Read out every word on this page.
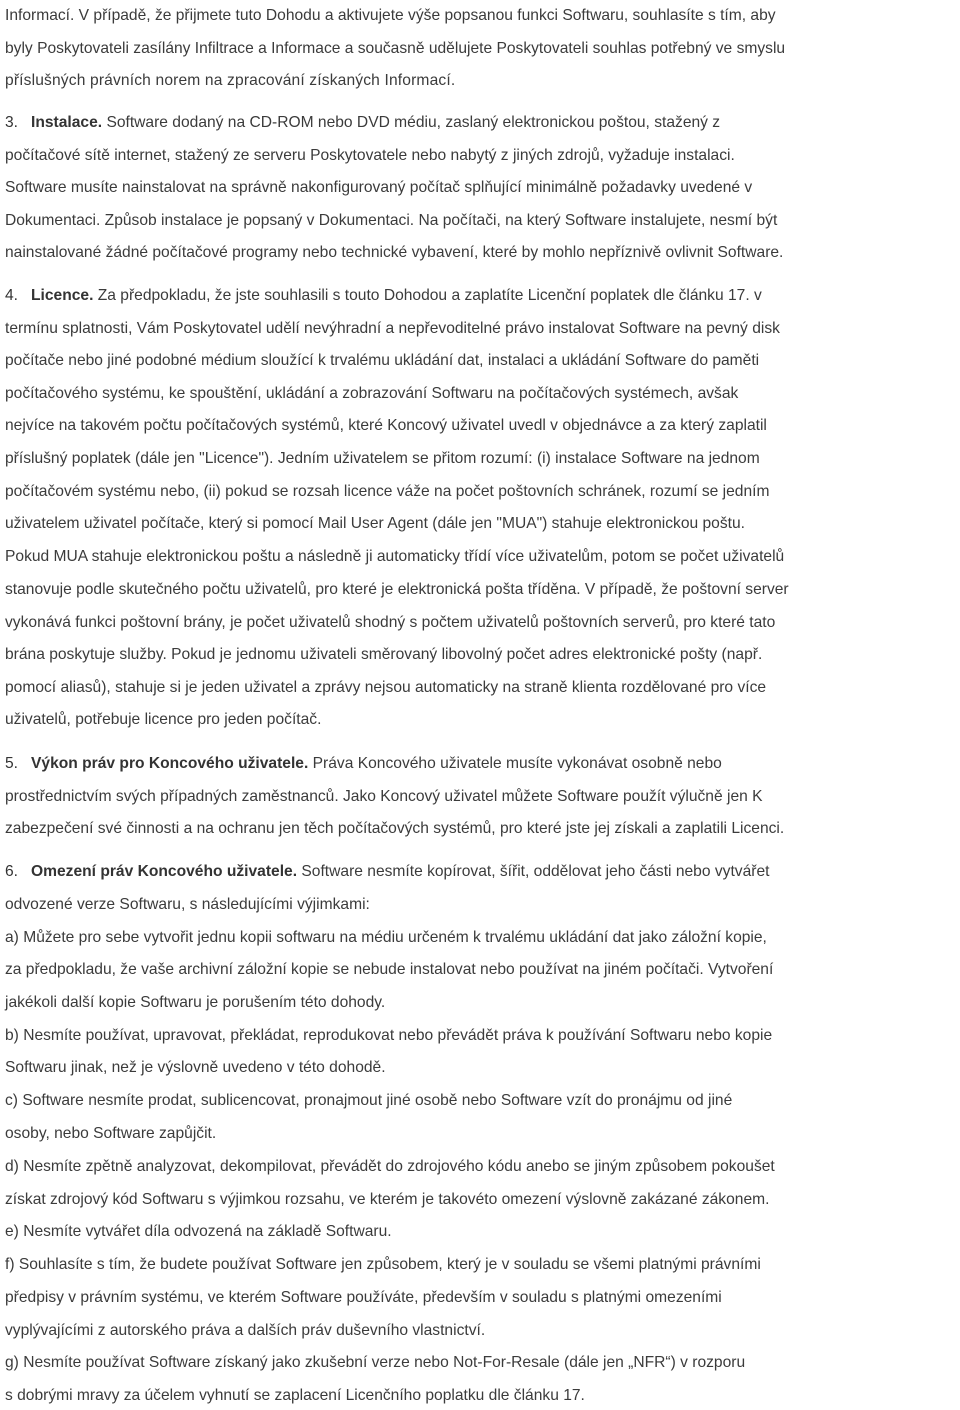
Informací. V případě, že přijmete tuto Dohodu a aktivujete výše popsanou funkci Softwaru, souhlasíte s tím, aby
byly Poskytovateli zasílány Infiltrace a Informace a současně udělujete Poskytovateli souhlas potřebný ve smyslu
příslušných právních norem na zpracování získaných Informací.
3. Instalace. Software dodaný na CD-ROM nebo DVD médiu, zaslaný elektronickou poštou, stažený z
počítačové sítě internet, stažený ze serveru Poskytovatele nebo nabytý z jiných zdrojů, vyžaduje instalaci.
Software musíte nainstalovat na správně nakonfigurovaný počítač splňující minimálně požadavky uvedené v
Dokumentaci. Způsob instalace je popsaný v Dokumentaci. Na počítači, na který Software instalujete, nesmí být
nainstalované žádné počítačové programy nebo technické vybavení, které by mohlo nepříznivě ovlivnit Software.
4. Licence. Za předpokladu, že jste souhlasili s touto Dohodou a zaplatíte Licenční poplatek dle článku 17. v
termínu splatnosti, Vám Poskytovatel udělí nevýhradní a nepřevoditelné právo instalovat Software na pevný disk
počítače nebo jiné podobné médium sloužící k trvalému ukládání dat, instalaci a ukládání Software do paměti
počítačového systému, ke spouštění, ukládání a zobrazování Softwaru na počítačových systémech, avšak
nejvíce na takovém počtu počítačových systémů, které Koncový uživatel uvedl v objednávce a za který zaplatil
příslušný poplatek (dále jen "Licence"). Jedním uživatelem se přitom rozumí: (i) instalace Software na jednom
počítačovém systému nebo, (ii) pokud se rozsah licence váže na počet poštovních schránek, rozumí se jedním
uživatelem uživatel počítače, který si pomocí Mail User Agent (dále jen "MUA") stahuje elektronickou poštu.
Pokud MUA stahuje elektronickou poštu a následně ji automaticky třídí více uživatelům, potom se počet uživatelů
stanovuje podle skutečného počtu uživatelů, pro které je elektronická pošta tříděna. V případě, že poštovní server
vykonává funkci poštovní brány, je počet uživatelů shodný s počtem uživatelů poštovních serverů, pro které tato
brána poskytuje služby. Pokud je jednomu uživateli směrovaný libovolný počet adres elektronické pošty (např.
pomocí aliasů), stahuje si je jeden uživatel a zprávy nejsou automaticky na straně klienta rozdělované pro více
uživatelů, potřebuje licence pro jeden počítač.
5. Výkon práv pro Koncového uživatele. Práva Koncového uživatele musíte vykonávat osobně nebo
prostřednictvím svých případných zaměstnanců. Jako Koncový uživatel můžete Software použít výlučně jen K
zabezpečení své činnosti a na ochranu jen těch počítačových systémů, pro které jste jej získali a zaplatili Licenci.
6. Omezení práv Koncového uživatele. Software nesmíte kopírovat, šířit, oddělovat jeho části nebo vytvářet
odvozené verze Softwaru, s následujícími výjimkami:
a) Můžete pro sebe vytvořit jednu kopii softwaru na médiu určeném k trvalému ukládání dat jako záložní kopie,
za předpokladu, že vaše archivní záložní kopie se nebude instalovat nebo používat na jiném počítači. Vytvoření
jakékoli další kopie Softwaru je porušením této dohody.
b) Nesmíte používat, upravovat, překládat, reprodukovat nebo převádět práva k používání Softwaru nebo kopie
Softwaru jinak, než je výslovně uvedeno v této dohodě.
c) Software nesmíte prodat, sublicencovat, pronajmout jiné osobě nebo Software vzít do pronájmu od jiné
osoby, nebo Software zapůjčit.
d) Nesmíte zpětně analyzovat, dekompilovat, převádět do zdrojového kódu anebo se jiným způsobem pokoušet
získat zdrojový kód Softwaru s výjimkou rozsahu, ve kterém je takovéto omezení výslovně zakázané zákonem.
e) Nesmíte vytvářet díla odvozená na základě Softwaru.
f) Souhlasíte s tím, že budete používat Software jen způsobem, který je v souladu se všemi platnými právními
předpisy v právním systému, ve kterém Software používáte, především v souladu s platnými omezeními
vyplývajícími z autorského práva a dalších práv duševního vlastnictví.
g) Nesmíte používat Software získaný jako zkušební verze nebo Not-For-Resale (dále jen „NFR“) v rozporu
s dobrými mravy za účelem vyhnutí se zaplacení Licenčního poplatku dle článku 17.
